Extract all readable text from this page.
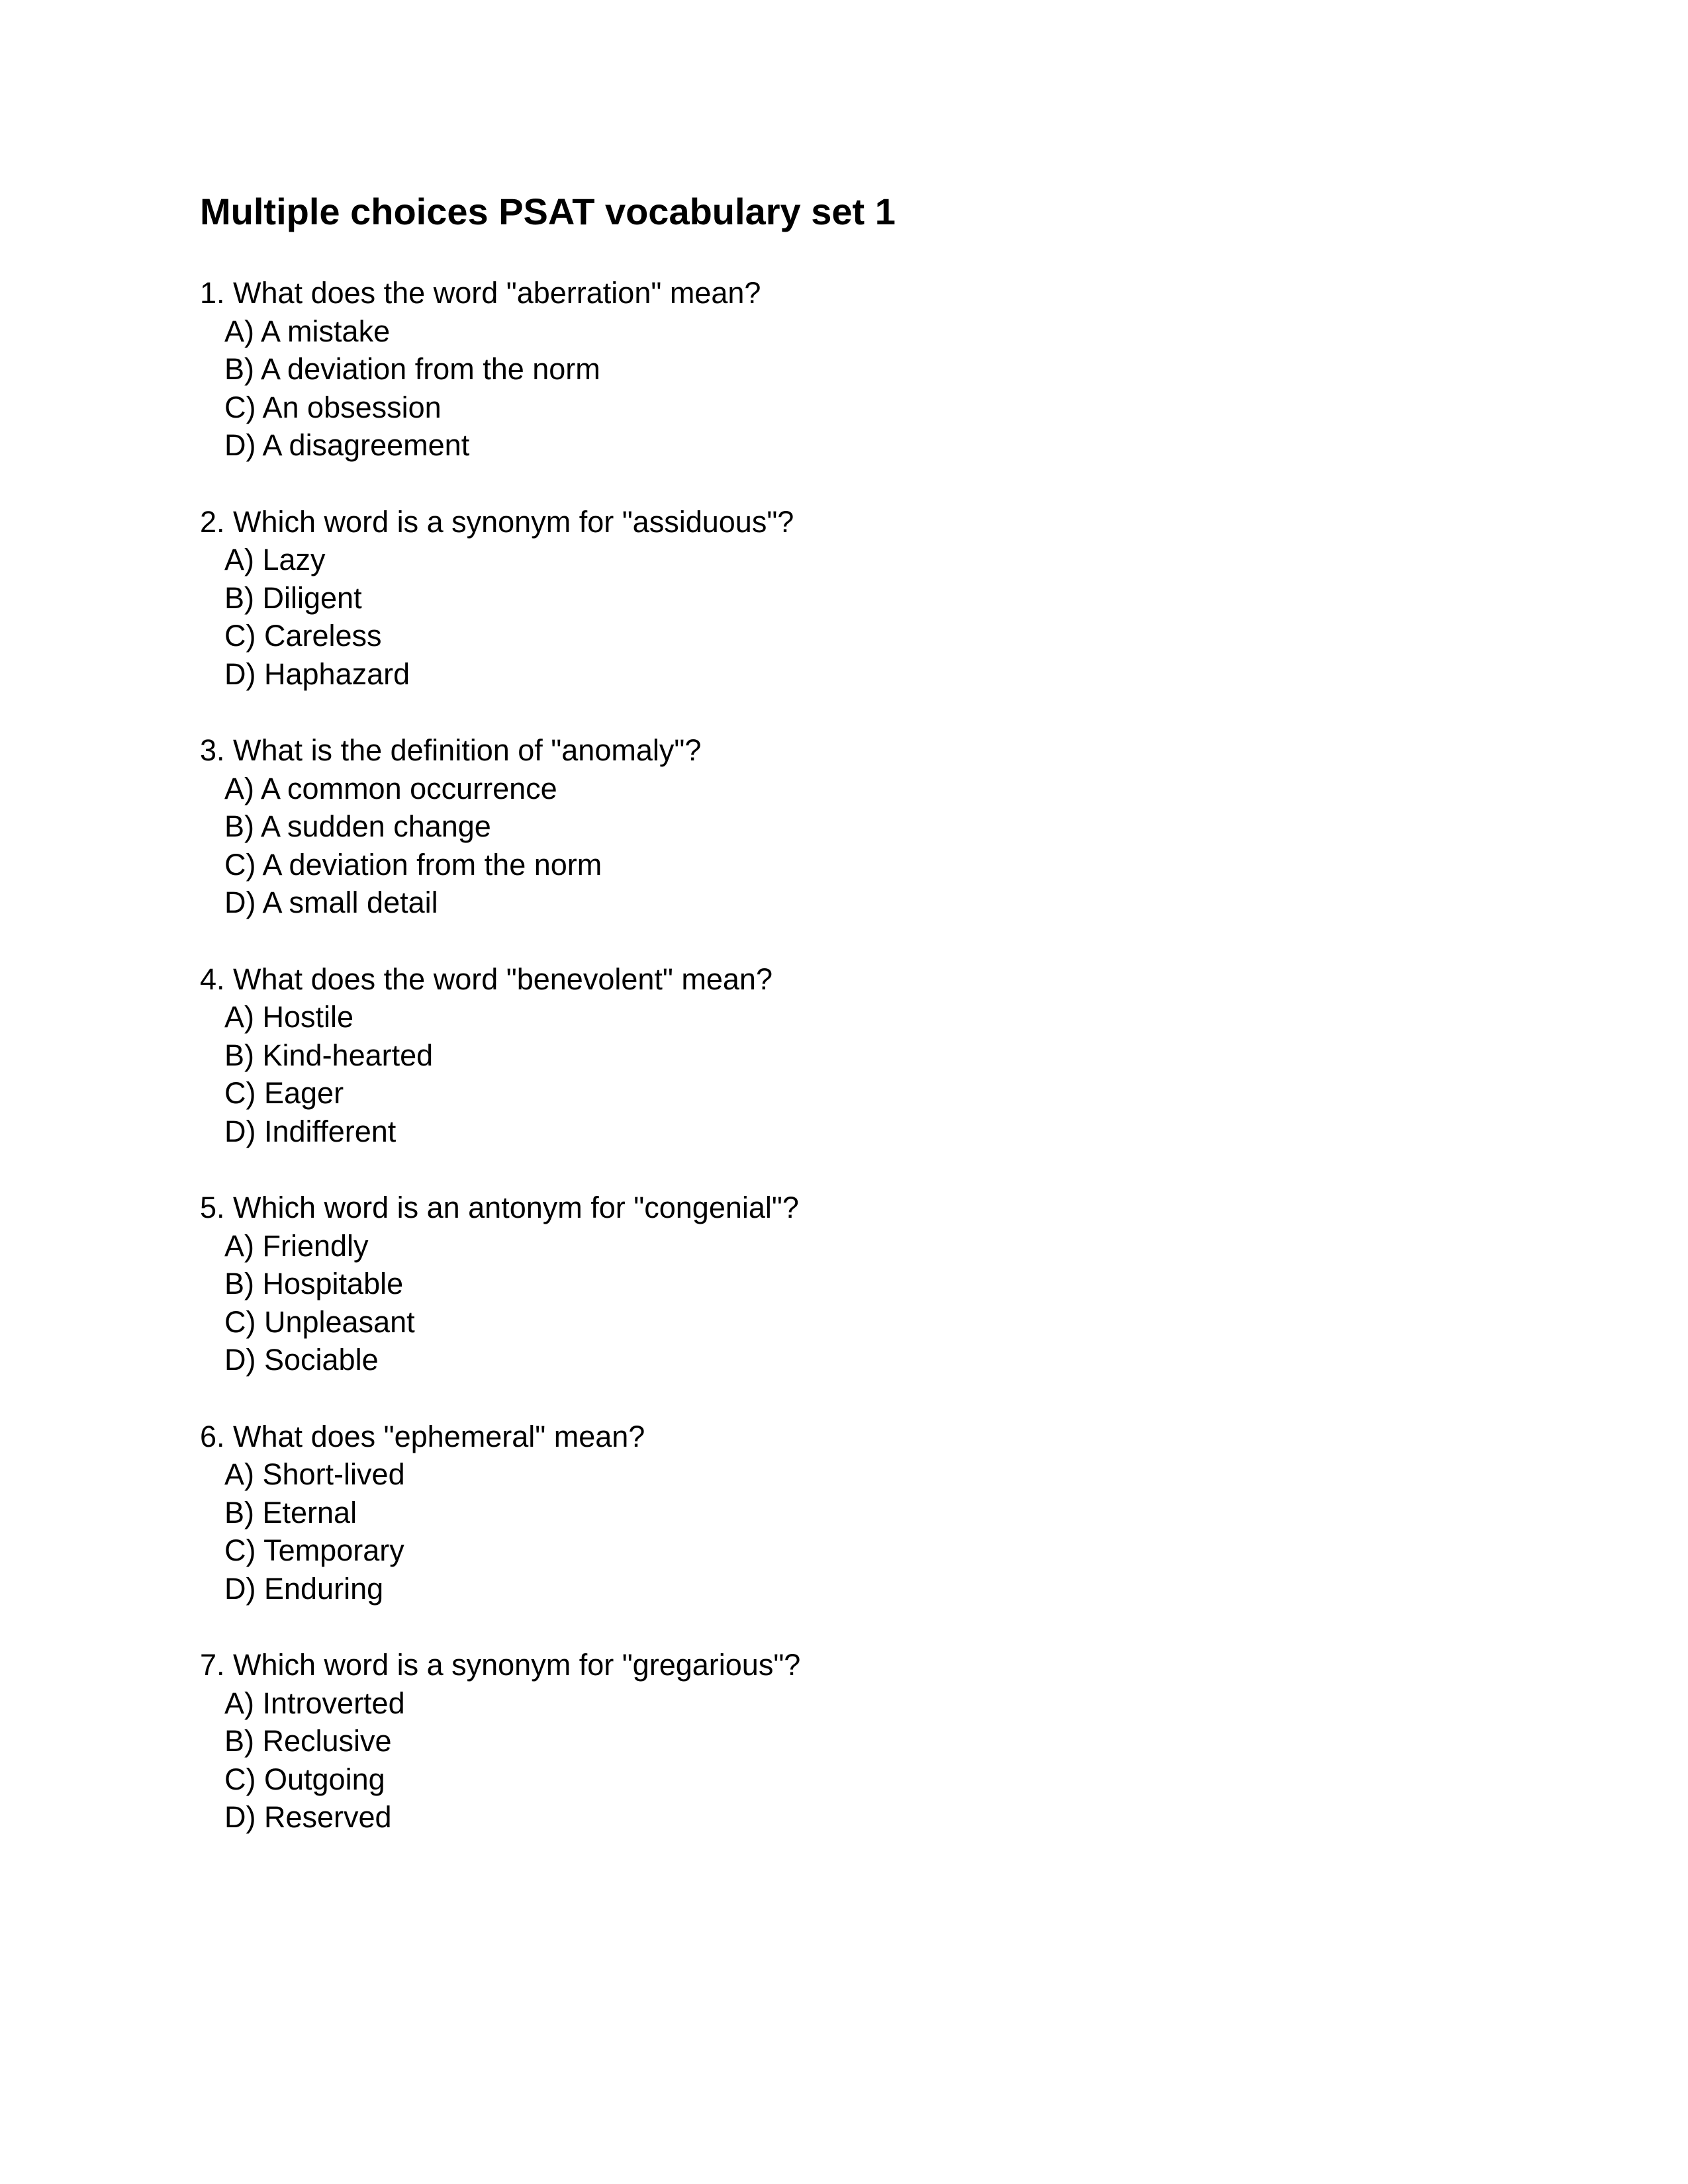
Multiple choices PSAT vocabulary set 1
1. What does the word "aberration" mean?
A) A mistake
B) A deviation from the norm
C) An obsession
D) A disagreement
2. Which word is a synonym for "assiduous"?
A) Lazy
B) Diligent
C) Careless
D) Haphazard
3. What is the definition of "anomaly"?
A) A common occurrence
B) A sudden change
C) A deviation from the norm
D) A small detail
4. What does the word "benevolent" mean?
A) Hostile
B) Kind-hearted
C) Eager
D) Indifferent
5. Which word is an antonym for "congenial"?
A) Friendly
B) Hospitable
C) Unpleasant
D) Sociable
6. What does "ephemeral" mean?
A) Short-lived
B) Eternal
C) Temporary
D) Enduring
7. Which word is a synonym for "gregarious"?
A) Introverted
B) Reclusive
C) Outgoing
D) Reserved
